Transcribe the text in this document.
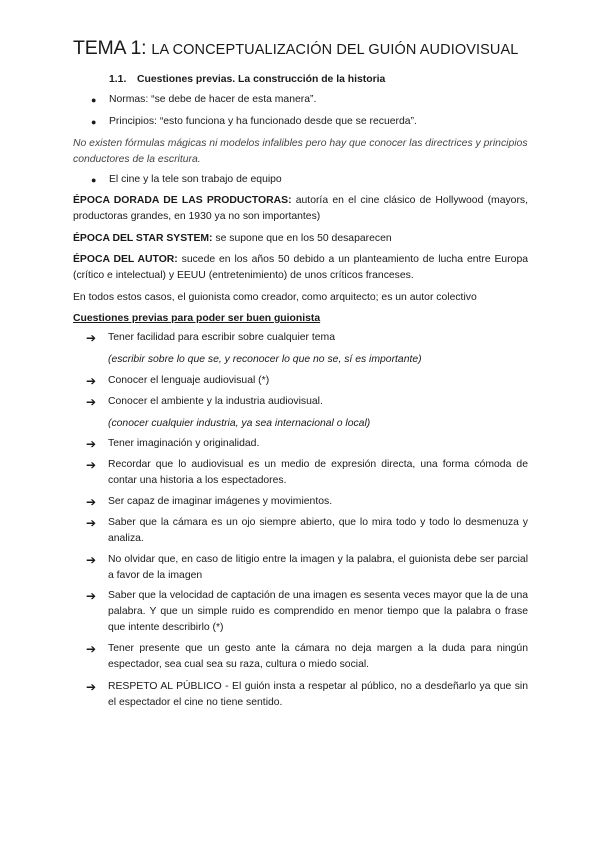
TEMA 1: LA CONCEPTUALIZACIÓN DEL GUIÓN AUDIOVISUAL
1.1. Cuestiones previas. La construcción de la historia
● Normas: “se debe de hacer de esta manera”.
● Principios: “esto funciona y ha funcionado desde que se recuerda”.
No existen fórmulas mágicas ni modelos infalibles pero hay que conocer las directrices y principios conductores de la escritura.
● El cine y la tele son trabajo de equipo
ÉPOCA DORADA DE LAS PRODUCTORAS: autoría en el cine clásico de Hollywood (mayors, productoras grandes, en 1930 ya no son importantes)
ÉPOCA DEL STAR SYSTEM: se supone que en los 50 desaparecen
ÉPOCA DEL AUTOR: sucede en los años 50 debido a un planteamiento de lucha entre Europa (crítico e intelectual) y EEUU (entretenimiento) de unos críticos franceses.
En todos estos casos, el guionista como creador, como arquitecto; es un autor colectivo
Cuestiones previas para poder ser buen guionista
➔ Tener facilidad para escribir sobre cualquier tema
(escribir sobre lo que se, y reconocer lo que no se, sí es importante)
➔ Conocer el lenguaje audiovisual (*)
➔ Conocer el ambiente y la industria audiovisual.
(conocer cualquier industria, ya sea internacional o local)
➔ Tener imaginación y originalidad.
➔ Recordar que lo audiovisual es un medio de expresión directa, una forma cómoda de contar una historia a los espectadores.
➔ Ser capaz de imaginar imágenes y movimientos.
➔ Saber que la cámara es un ojo siempre abierto, que lo mira todo y todo lo desmenuza y analiza.
➔ No olvidar que, en caso de litigio entre la imagen y la palabra, el guionista debe ser parcial a favor de la imagen
➔ Saber que la velocidad de captación de una imagen es sesenta veces mayor que la de una palabra. Y que un simple ruido es comprendido en menor tiempo que la palabra o frase que intente describirlo (*)
➔ Tener presente que un gesto ante la cámara no deja margen a la duda para ningún espectador, sea cual sea su raza, cultura o miedo social.
➔ RESPETO AL PÚBLICO - El guión insta a respetar al público, no a desdeñarlo ya que sin el espectador el cine no tiene sentido.
